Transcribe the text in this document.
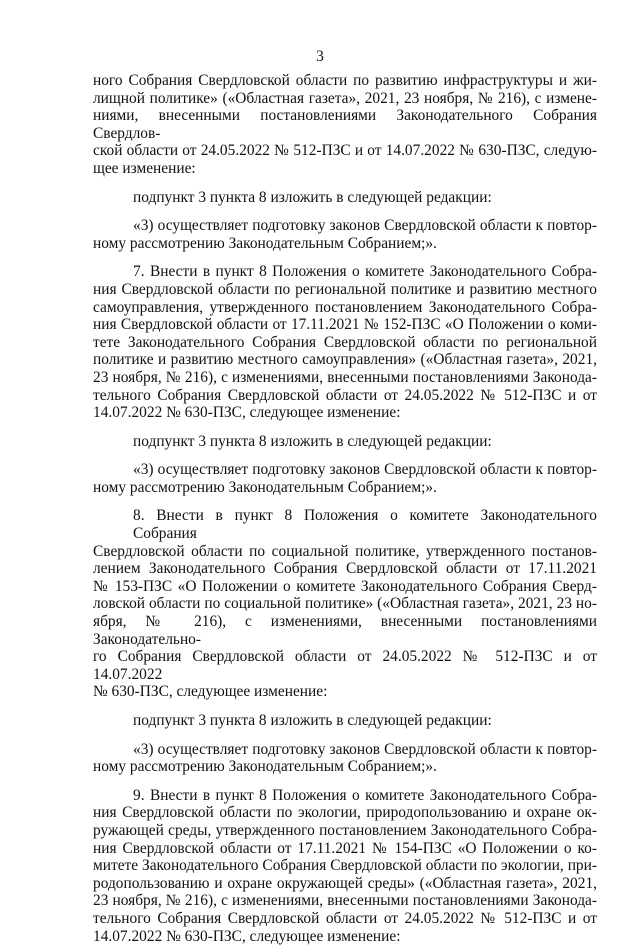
3
ного Собрания Свердловской области по развитию инфраструктуры и жи-
лищной политике» («Областная газета», 2021, 23 ноября, № 216), с измене-
ниями, внесенными постановлениями Законодательного Собрания Свердлов-
ской области от 24.05.2022 № 512-ПЗС и от 14.07.2022 № 630-ПЗС, следую-
щее изменение:
подпункт 3 пункта 8 изложить в следующей редакции:
«3) осуществляет подготовку законов Свердловской области к повтор-
ному рассмотрению Законодательным Собранием;».
7. Внести в пункт 8 Положения о комитете Законодательного Собра-
ния Свердловской области по региональной политике и развитию местного
самоуправления, утвержденного постановлением Законодательного Собра-
ния Свердловской области от 17.11.2021 № 152-ПЗС «О Положении о коми-
тете Законодательного Собрания Свердловской области по региональной
политике и развитию местного самоуправления» («Областная газета», 2021,
23 ноября, № 216), с изменениями, внесенными постановлениями Законода-
тельного Собрания Свердловской области от 24.05.2022 № 512-ПЗС и от
14.07.2022 № 630-ПЗС, следующее изменение:
подпункт 3 пункта 8 изложить в следующей редакции:
«3) осуществляет подготовку законов Свердловской области к повтор-
ному рассмотрению Законодательным Собранием;».
8. Внести в пункт 8 Положения о комитете Законодательного Собрания
Свердловской области по социальной политике, утвержденного постанов-
лением Законодательного Собрания Свердловской области от 17.11.2021
№ 153-ПЗС «О Положении о комитете Законодательного Собрания Сверд-
ловской области по социальной политике» («Областная газета», 2021, 23 но-
ября, № 216), с изменениями, внесенными постановлениями Законодательно-
го Собрания Свердловской области от 24.05.2022 № 512-ПЗС и от 14.07.2022
№ 630-ПЗС, следующее изменение:
подпункт 3 пункта 8 изложить в следующей редакции:
«3) осуществляет подготовку законов Свердловской области к повтор-
ному рассмотрению Законодательным Собранием;».
9. Внести в пункт 8 Положения о комитете Законодательного Собра-
ния Свердловской области по экологии, природопользованию и охране ок-
ружающей среды, утвержденного постановлением Законодательного Собра-
ния Свердловской области от 17.11.2021 № 154-ПЗС «О Положении о ко-
митете Законодательного Собрания Свердловской области по экологии, при-
родопользованию и охране окружающей среды» («Областная газета», 2021,
23 ноября, № 216), с изменениями, внесенными постановлениями Законода-
тельного Собрания Свердловской области от 24.05.2022 № 512-ПЗС и от
14.07.2022 № 630-ПЗС, следующее изменение:
